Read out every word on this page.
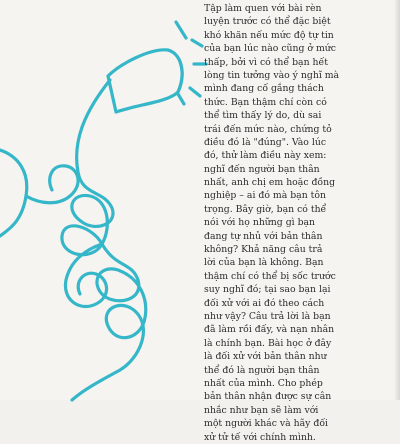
Tập làm quen với bài rèn
luyện trước có thể đặc biệt
khó khăn nếu mức độ tự tin
của bạn lúc nào cũng ở mức
thấp, bởi vì có thể bạn hết
lòng tin tưởng vào ý nghĩ mà
mình đang cố gắng thách
thức. Bạn thậm chí còn có
thể tìm thấy lý do, dù sai
trái đến mức nào, chứng tỏ
điều đó là "đúng". Vào lúc
đó, thử làm điều này xem:
nghĩ đến người bạn thân
nhất, anh chị em hoặc đồng
nghiệp – ai đó mà bạn tôn
trọng. Bây giờ, bạn có thể
nói với họ những gì bạn
đang tự nhủ với bản thân
không? Khả năng câu trả
lời của bạn là không. Bạn
thậm chí có thể bị sốc trước
suy nghĩ đó; tại sao bạn lại
đối xử với ai đó theo cách
như vậy? Câu trả lời là bạn
đã làm rồi đấy, và nạn nhân
là chính bạn. Bài học ở đây
là đối xử với bản thân như
thể đó là người bạn thân
nhất của mình. Cho phép
bản thân nhận được sự cân
nhắc như bạn sẽ làm với
một người khác và hãy đối
xử tử tế với chính mình.
